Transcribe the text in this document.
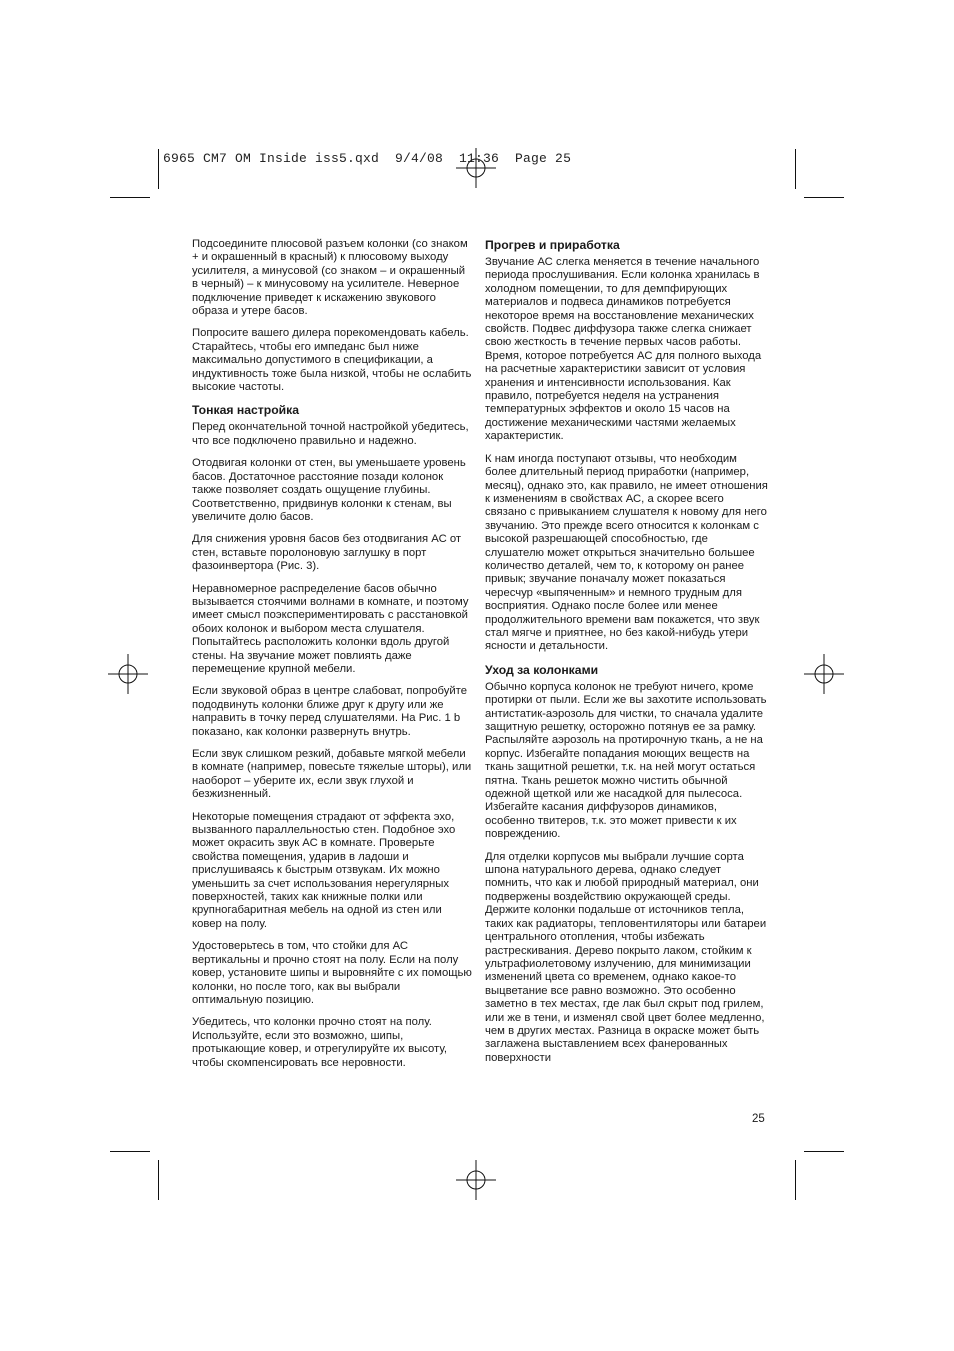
6965 CM7 OM Inside iss5.qxd  9/4/08  11:36  Page 25

Подсоедините плюсовой разъем колонки (со знаком + и окрашенный в красный) к плюсовому выходу усилителя, а минусовой (со знаком – и окрашенный в черный) – к минусовому на усилителе. Неверное подключение приведет к искажению звукового образа и утере басов.

Попросите вашего дилера порекомендовать кабель. Старайтесь, чтобы его импеданс был ниже максимально допустимого в спецификации, а индуктивность тоже была низкой, чтобы не ослабить высокие частоты.

Тонкая настройка

Перед окончательной точной настройкой убедитесь, что все подключено правильно и надежно.

Отодвигая колонки от стен, вы уменьшаете уровень басов. Достаточное расстояние позади колонок также позволяет создать ощущение глубины. Соответственно, придвинув колонки к стенам, вы увеличите долю басов.

Для снижения уровня басов без отодвигания АС от стен, вставьте поролоновую заглушку в порт фазоинвертора (Рис. 3).

Неравномерное распределение басов обычно вызывается стоячими волнами в комнате, и поэтому имеет смысл поэкспериментировать с расстановкой обоих колонок и выбором места слушателя. Попытайтесь расположить колонки вдоль другой стены. На звучание может повлиять даже перемещение крупной мебели.

Если звуковой образ в центре слабоват, попробуйте пододвинуть колонки ближе друг к другу или же направить в точку перед слушателями. На Рис. 1 b показано, как колонки развернуть внутрь.

Если звук слишком резкий, добавьте мягкой мебели в комнате (например, повесьте тяжелые шторы), или наоборот – уберите их, если звук глухой и безжизненный.

Некоторые помещения страдают от эффекта эхо, вызванного параллельностью стен. Подобное эхо может окрасить звук АС в комнате. Проверьте свойства помещения, ударив в ладоши и прислушиваясь к быстрым отзвукам. Их можно уменьшить за счет использования нерегулярных поверхностей, таких как книжные полки или крупногабаритная мебель на одной из стен или ковер на полу.

Удостоверьтесь в том, что стойки для АС вертикальны и прочно стоят на полу. Если на полу ковер, установите шипы и выровняйте с их помощью колонки, но после того, как вы выбрали оптимальную позицию.

Убедитесь, что колонки прочно стоят на полу. Используйте, если это возможно, шипы, протыкающие ковер, и отрегулируйте их высоту, чтобы скомпенсировать все неровности.

Прогрев и приработка

Звучание АС слегка меняется в течение начального периода прослушивания. Если колонка хранилась в холодном помещении, то для демпфирующих материалов и подвеса динамиков потребуется некоторое время на восстановление механических свойств. Подвес диффузора также слегка снижает свою жесткость в течение первых часов работы. Время, которое потребуется АС для полного выхода на расчетные характеристики зависит от условия хранения и интенсивности использования. Как правило, потребуется неделя на устранения температурных эффектов и около 15 часов на достижение механическими частями желаемых характеристик.

К нам иногда поступают отзывы, что необходим более длительный период приработки (например, месяц), однако это, как правило, не имеет отношения к изменениям в свойствах АС, а скорее всего связано с привыканием слушателя к новому для него звучанию. Это прежде всего относится к колонкам с высокой разрешающей способностью, где слушателю может открыться значительно большее количество деталей, чем то, к которому он ранее привык; звучание поначалу может показаться чересчур «выпяченным» и немного трудным для восприятия. Однако после более или менее продолжительного времени вам покажется, что звук стал мягче и приятнее, но без какой-нибудь утери ясности и детальности.

Уход за колонками

Обычно корпуса колонок не требуют ничего, кроме протирки от пыли. Если же вы захотите использовать антистатик-аэрозоль для чистки, то сначала удалите защитную решетку, осторожно потянув ее за рамку. Распыляйте аэрозоль на протирочную ткань, а не на корпус. Избегайте попадания моющих веществ на ткань защитной решетки, т.к. на ней могут остаться пятна. Ткань решеток можно чистить обычной одежной щеткой или же насадкой для пылесоса. Избегайте касания диффузоров динамиков, особенно твитеров, т.к. это может привести к их повреждению.

Для отделки корпусов мы выбрали лучшие сорта шпона натурального дерева, однако следует помнить, что как и любой природный материал, они подвержены воздействию окружающей среды. Держите колонки подальше от источников тепла, таких как радиаторы, тепловентиляторы или батареи центрального отопления, чтобы избежать растрескивания. Дерево покрыто лаком, стойким к ультрафиолетовому излучению, для минимизации изменений цвета со временем, однако какое-то выцветание все равно возможно. Это особенно заметно в тех местах, где лак был скрыт под грилем, или же в тени, и изменял свой цвет более медленно, чем в других местах. Разница в окраске может быть заглажена выставлением всех фанерованных поверхности

25
